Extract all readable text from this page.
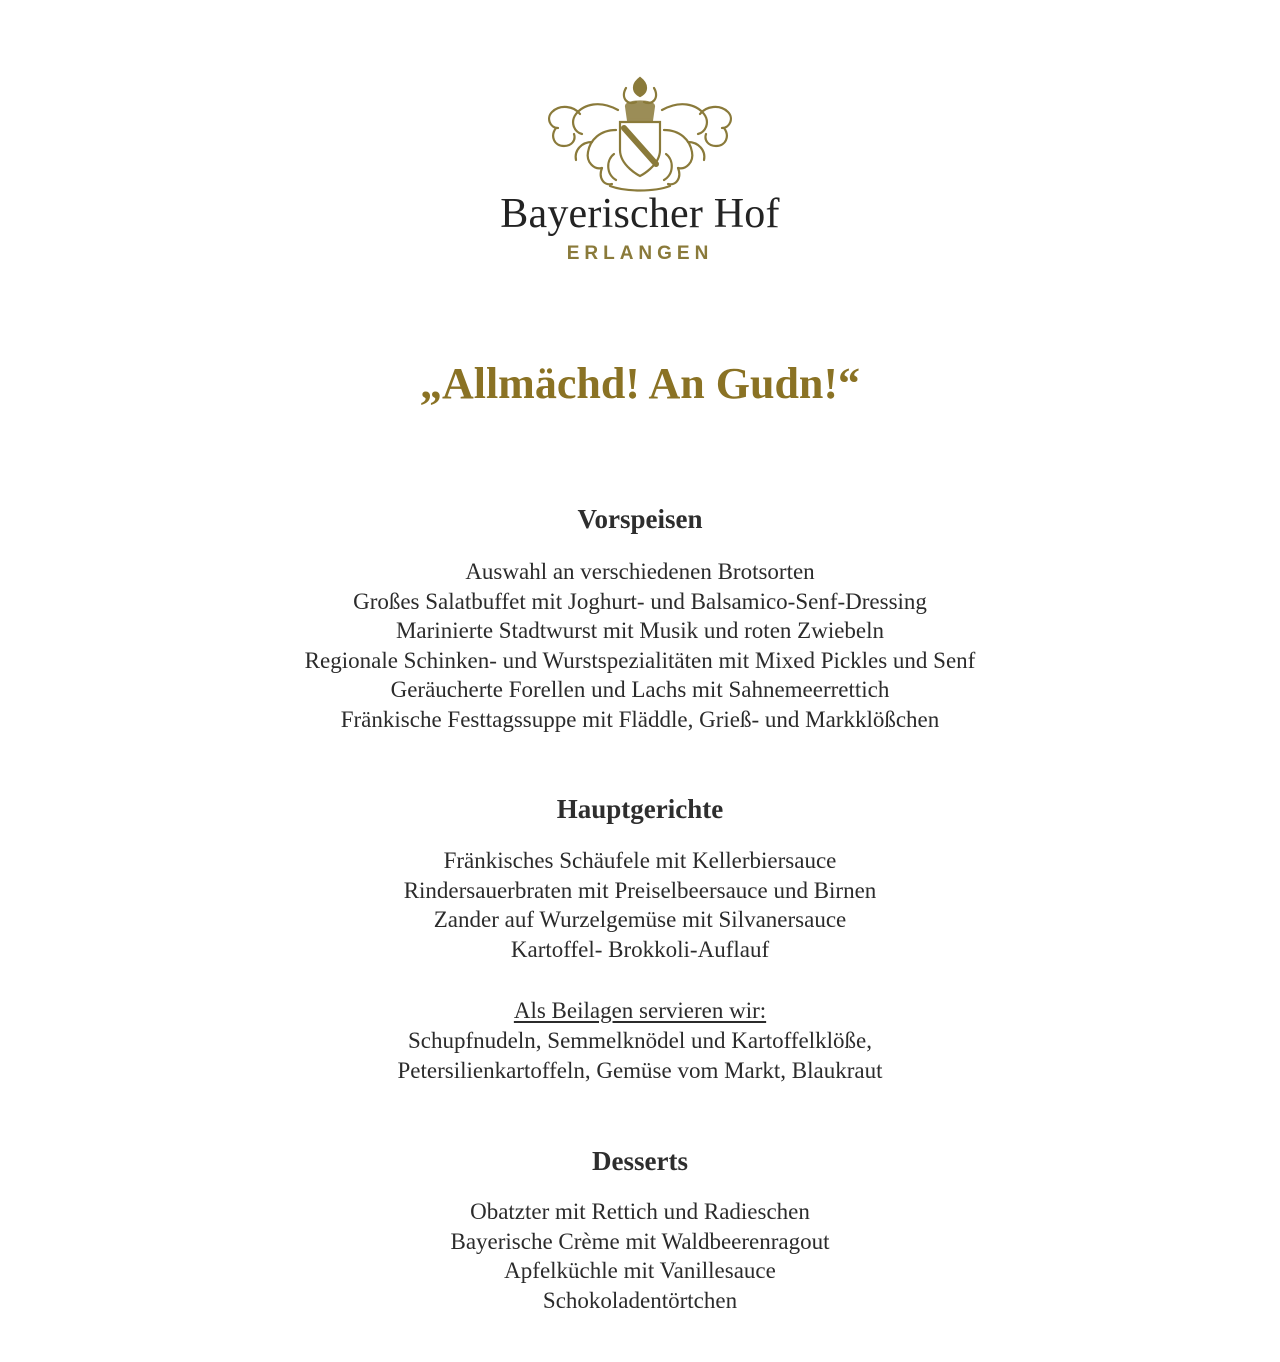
Bayerischer Hof
ERLANGEN
„Allmächd! An Gudn!“
Vorspeisen
Auswahl an verschiedenen Brotsorten
Großes Salatbuffet mit Joghurt- und Balsamico-Senf-Dressing
Marinierte Stadtwurst mit Musik und roten Zwiebeln
Regionale Schinken- und Wurstspezialitäten mit Mixed Pickles und Senf
Geräucherte Forellen und Lachs mit Sahnemeerrettich
Fränkische Festtagssuppe mit Fläddle, Grieß- und Markklößchen
Hauptgerichte
Fränkisches Schäufele mit Kellerbiersauce
Rindersauerbraten mit Preiselbeersauce und Birnen
Zander auf Wurzelgemüse mit Silvanersauce
Kartoffel- Brokkoli-Auflauf
Als Beilagen servieren wir:
Schupfnudeln, Semmelknödel und Kartoffelklöße,
Petersilienkartoffeln, Gemüse vom Markt, Blaukraut
Desserts
Obatzter mit Rettich und Radieschen
Bayerische Crème mit Waldbeerenragout
Apfelküchle mit Vanillesauce
Schokoladentörtchen
